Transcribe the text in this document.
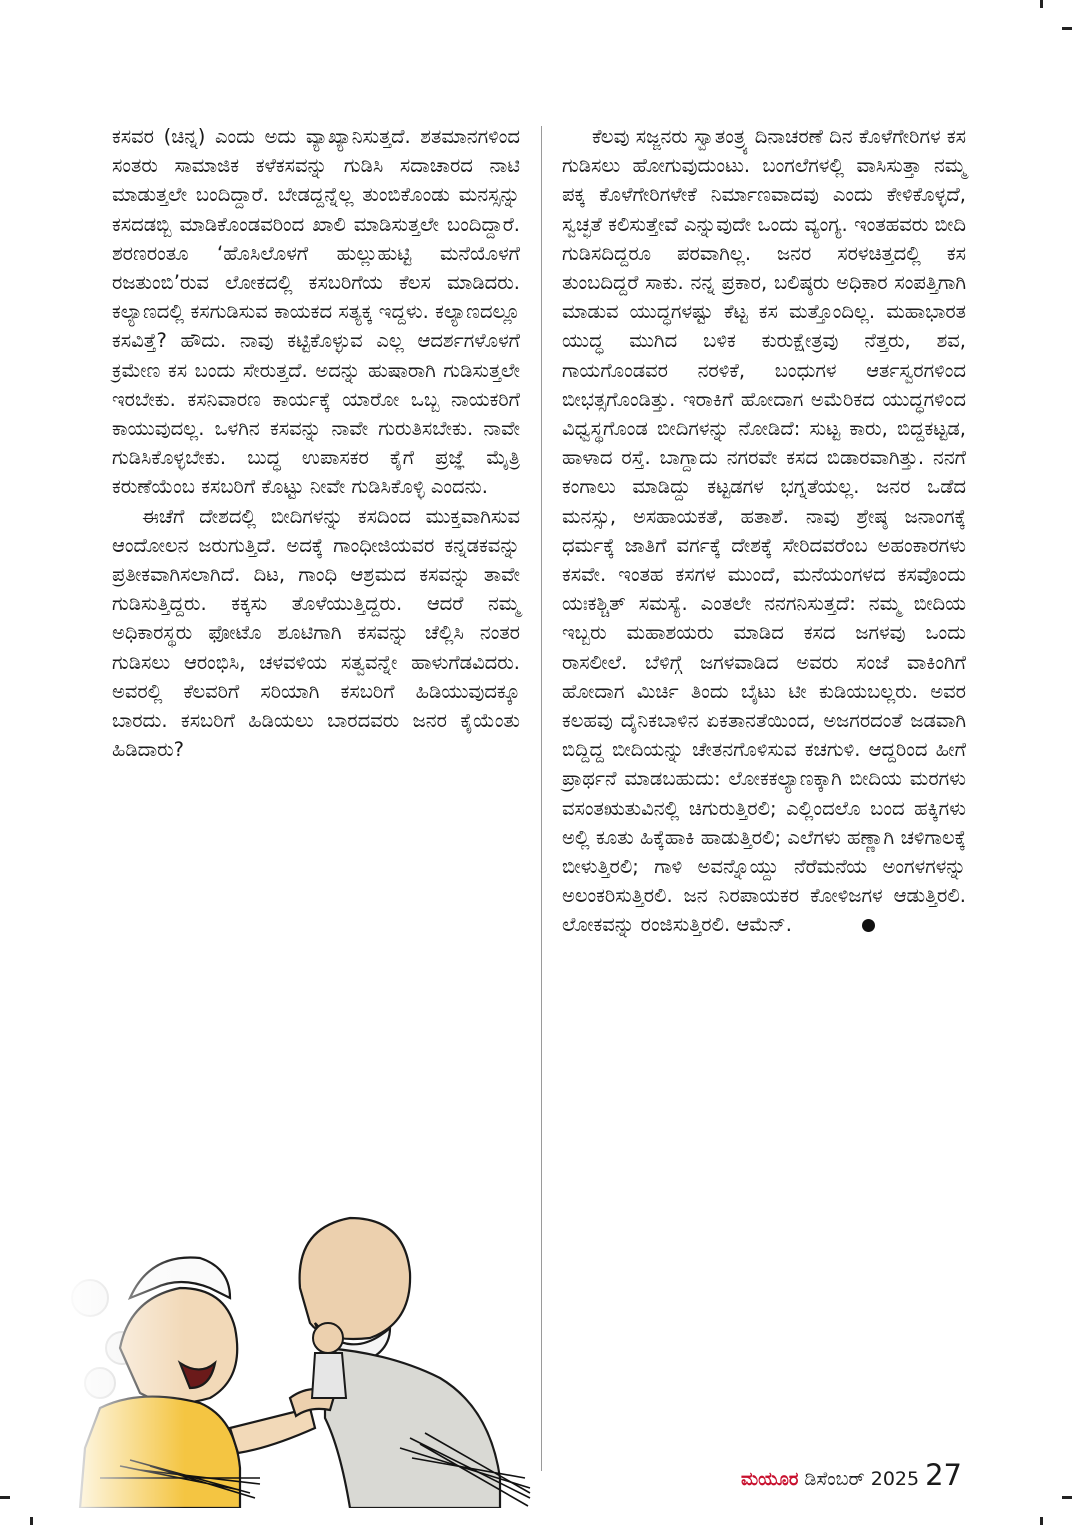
ಕಸವರ (ಚಿನ್ನ) ಎಂದು ಅದು ವ್ಯಾಖ್ಯಾನಿಸುತ್ತದೆ. ಶತಮಾನಗಳಿಂದ ಸಂತರು ಸಾಮಾಜಿಕ ಕಳೆಕಸವನ್ನು ಗುಡಿಸಿ ಸದಾಚಾರದ ನಾಟಿ ಮಾಡುತ್ತಲೇ ಬಂದಿದ್ದಾರೆ. ಬೇಡದ್ದನ್ನೆಲ್ಲ ತುಂಬಿಕೊಂಡು ಮನಸ್ಸನ್ನು ಕಸದಡಬ್ಬಿ ಮಾಡಿಕೊಂಡವರಿಂದ ಖಾಲಿ ಮಾಡಿಸುತ್ತಲೇ ಬಂದಿದ್ದಾರೆ. ಶರಣರಂತೂ ‘ಹೊಸಿಲೊಳಗೆ ಹುಲ್ಲುಹುಟ್ಟಿ ಮನೆಯೊಳಗೆ ರಜತುಂಬಿ’ರುವ ಲೋಕದಲ್ಲಿ ಕಸಬರಿಗೆಯ ಕೆಲಸ ಮಾಡಿದರು. ಕಲ್ಯಾಣದಲ್ಲಿ ಕಸಗುಡಿಸುವ ಕಾಯಕದ ಸತ್ಯಕ್ಕ ಇದ್ದಳು. ಕಲ್ಯಾಣದಲ್ಲೂ ಕಸವಿತ್ತೆ? ಹೌದು. ನಾವು ಕಟ್ಟಿಕೊಳ್ಳುವ ಎಲ್ಲ ಆದರ್ಶಗಳೊಳಗೆ ಕ್ರಮೇಣ ಕಸ ಬಂದು ಸೇರುತ್ತದೆ. ಅದನ್ನು ಹುಷಾರಾಗಿ ಗುಡಿಸುತ್ತಲೇ ಇರಬೇಕು. ಕಸನಿವಾರಣ ಕಾರ್ಯಕ್ಕೆ ಯಾರೋ ಒಬ್ಬ ನಾಯಕರಿಗೆ ಕಾಯುವುದಲ್ಲ. ಒಳಗಿನ ಕಸವನ್ನು ನಾವೇ ಗುರುತಿಸಬೇಕು. ನಾವೇ ಗುಡಿಸಿಕೊಳ್ಳಬೇಕು. ಬುದ್ಧ ಉಪಾಸಕರ ಕೈಗೆ ಪ್ರಜ್ಞೆ ಮೈತ್ರಿ ಕರುಣೆಯೆಂಬ ಕಸಬರಿಗೆ ಕೊಟ್ಟು ನೀವೇ ಗುಡಿಸಿಕೊಳ್ಳಿ ಎಂದನು.

ಈಚೆಗೆ ದೇಶದಲ್ಲಿ ಬೀದಿಗಳನ್ನು ಕಸದಿಂದ ಮುಕ್ತವಾಗಿಸುವ ಆಂದೋಲನ ಜರುಗುತ್ತಿದೆ. ಅದಕ್ಕೆ ಗಾಂಧೀಜಿಯವರ ಕನ್ನಡಕವನ್ನು ಪ್ರತೀಕವಾಗಿಸಲಾಗಿದೆ. ದಿಟ, ಗಾಂಧಿ ಆಶ್ರಮದ ಕಸವನ್ನು ತಾವೇ ಗುಡಿಸುತ್ತಿದ್ದರು. ಕಕ್ಕಸು ತೊಳೆಯುತ್ತಿದ್ದರು. ಆದರೆ ನಮ್ಮ ಅಧಿಕಾರಸ್ಥರು ಫೋಟೊ ಶೂಟಿಗಾಗಿ ಕಸವನ್ನು ಚೆಲ್ಲಿಸಿ ನಂತರ ಗುಡಿಸಲು ಆರಂಭಿಸಿ, ಚಳವಳಿಯ ಸತ್ವವನ್ನೇ ಹಾಳುಗೆಡವಿದರು. ಅವರಲ್ಲಿ ಕೆಲವರಿಗೆ ಸರಿಯಾಗಿ ಕಸಬರಿಗೆ ಹಿಡಿಯುವುದಕ್ಕೂ ಬಾರದು. ಕಸಬರಿಗೆ ಹಿಡಿಯಲು ಬಾರದವರು ಜನರ ಕೈಯೆಂತು ಹಿಡಿದಾರು?

ಕೆಲವು ಸಜ್ಜನರು ಸ್ವಾತಂತ್ರ್ಯ ದಿನಾಚರಣೆ ದಿನ ಕೊಳೆಗೇರಿಗಳ ಕಸ ಗುಡಿಸಲು ಹೋಗುವುದುಂಟು. ಬಂಗಲೆಗಳಲ್ಲಿ ವಾಸಿಸುತ್ತಾ ನಮ್ಮ ಪಕ್ಕ ಕೊಳೆಗೇರಿಗಳೇಕೆ ನಿರ್ಮಾಣವಾದವು ಎಂದು ಕೇಳಿಕೊಳ್ಳದೆ, ಸ್ವಚ್ಛತೆ ಕಲಿಸುತ್ತೇವೆ ಎನ್ನುವುದೇ ಒಂದು ವ್ಯಂಗ್ಯ. ಇಂತಹವರು ಬೀದಿ ಗುಡಿಸದಿದ್ದರೂ ಪರವಾಗಿಲ್ಲ. ಜನರ ಸರಳಚಿತ್ತದಲ್ಲಿ ಕಸ ತುಂಬದಿದ್ದರೆ ಸಾಕು. ನನ್ನ ಪ್ರಕಾರ, ಬಲಿಷ್ಠರು ಅಧಿಕಾರ ಸಂಪತ್ತಿಗಾಗಿ ಮಾಡುವ ಯುದ್ಧಗಳಷ್ಟು ಕೆಟ್ಟ ಕಸ ಮತ್ತೊಂದಿಲ್ಲ. ಮಹಾಭಾರತ ಯುದ್ಧ ಮುಗಿದ ಬಳಿಕ ಕುರುಕ್ಷೇತ್ರವು ನೆತ್ತರು, ಶವ, ಗಾಯಗೊಂಡವರ ನರಳಿಕೆ, ಬಂಧುಗಳ ಆರ್ತಸ್ವರಗಳಿಂದ ಬೀಭತ್ಸಗೊಂಡಿತ್ತು. ಇರಾಕಿಗೆ ಹೋದಾಗ ಅಮೆರಿಕದ ಯುದ್ಧಗಳಿಂದ ವಿಧ್ವಸ್ಥಗೊಂಡ ಬೀದಿಗಳನ್ನು ನೋಡಿದೆ: ಸುಟ್ಟ ಕಾರು, ಬಿದ್ದಕಟ್ಟಡ, ಹಾಳಾದ ರಸ್ತೆ. ಬಾಗ್ದಾದು ನಗರವೇ ಕಸದ ಬಿಡಾರವಾಗಿತ್ತು. ನನಗೆ ಕಂಗಾಲು ಮಾಡಿದ್ದು ಕಟ್ಟಡಗಳ ಭಗ್ನತೆಯಲ್ಲ. ಜನರ ಒಡೆದ ಮನಸ್ಸು, ಅಸಹಾಯಕತೆ, ಹತಾಶೆ. ನಾವು ಶ್ರೇಷ್ಠ ಜನಾಂಗಕ್ಕೆ ಧರ್ಮಕ್ಕೆ ಜಾತಿಗೆ ವರ್ಗಕ್ಕೆ ದೇಶಕ್ಕೆ ಸೇರಿದವರೆಂಬ ಅಹಂಕಾರಗಳು ಕಸವೇ. ಇಂತಹ ಕಸಗಳ ಮುಂದೆ, ಮನೆಯಂಗಳದ ಕಸವೊಂದು ಯಃಕಶ್ಚಿತ್ ಸಮಸ್ಯೆ. ಎಂತಲೇ ನನಗನಿಸುತ್ತದೆ: ನಮ್ಮ ಬೀದಿಯ ಇಬ್ಬರು ಮಹಾಶಯರು ಮಾಡಿದ ಕಸದ ಜಗಳವು ಒಂದು ರಾಸಲೀಲೆ. ಬೆಳಿಗ್ಗೆ ಜಗಳವಾಡಿದ ಅವರು ಸಂಜೆ ವಾಕಿಂಗಿಗೆ ಹೋದಾಗ ಮಿರ್ಚಿ ತಿಂದು ಬೈಟು ಟೀ ಕುಡಿಯಬಲ್ಲರು. ಅವರ ಕಲಹವು ದೈನಿಕಬಾಳಿನ ಏಕತಾನತೆಯಿಂದ, ಅಜಗರದಂತೆ ಜಡವಾಗಿ ಬಿದ್ದಿದ್ದ ಬೀದಿಯನ್ನು ಚೇತನಗೊಳಿಸುವ ಕಚಗುಳಿ. ಆದ್ದರಿಂದ ಹೀಗೆ ಪ್ರಾರ್ಥನೆ ಮಾಡಬಹುದು: ಲೋಕಕಲ್ಯಾಣಕ್ಕಾಗಿ ಬೀದಿಯ ಮರಗಳು ವಸಂತಋತುವಿನಲ್ಲಿ ಚಿಗುರುತ್ತಿರಲಿ; ಎಲ್ಲಿಂದಲೊ ಬಂದ ಹಕ್ಕಿಗಳು ಅಲ್ಲಿ ಕೂತು ಹಿಕ್ಕೆಹಾಕಿ ಹಾಡುತ್ತಿರಲಿ; ಎಲೆಗಳು ಹಣ್ಣಾಗಿ ಚಳಿಗಾಲಕ್ಕೆ ಬೀಳುತ್ತಿರಲಿ; ಗಾಳಿ ಅವನ್ನೊಯ್ದು ನೆರೆಮನೆಯ ಅಂಗಳಗಳನ್ನು ಅಲಂಕರಿಸುತ್ತಿರಲಿ. ಜನ ನಿರಪಾಯಕರ ಕೋಳಿಜಗಳ ಆಡುತ್ತಿರಲಿ. ಲೋಕವನ್ನು ರಂಜಿಸುತ್ತಿರಲಿ. ಆಮೆನ್.

ಮಯೂರ ಡಿಸೆಂಬರ್ 2025 27
